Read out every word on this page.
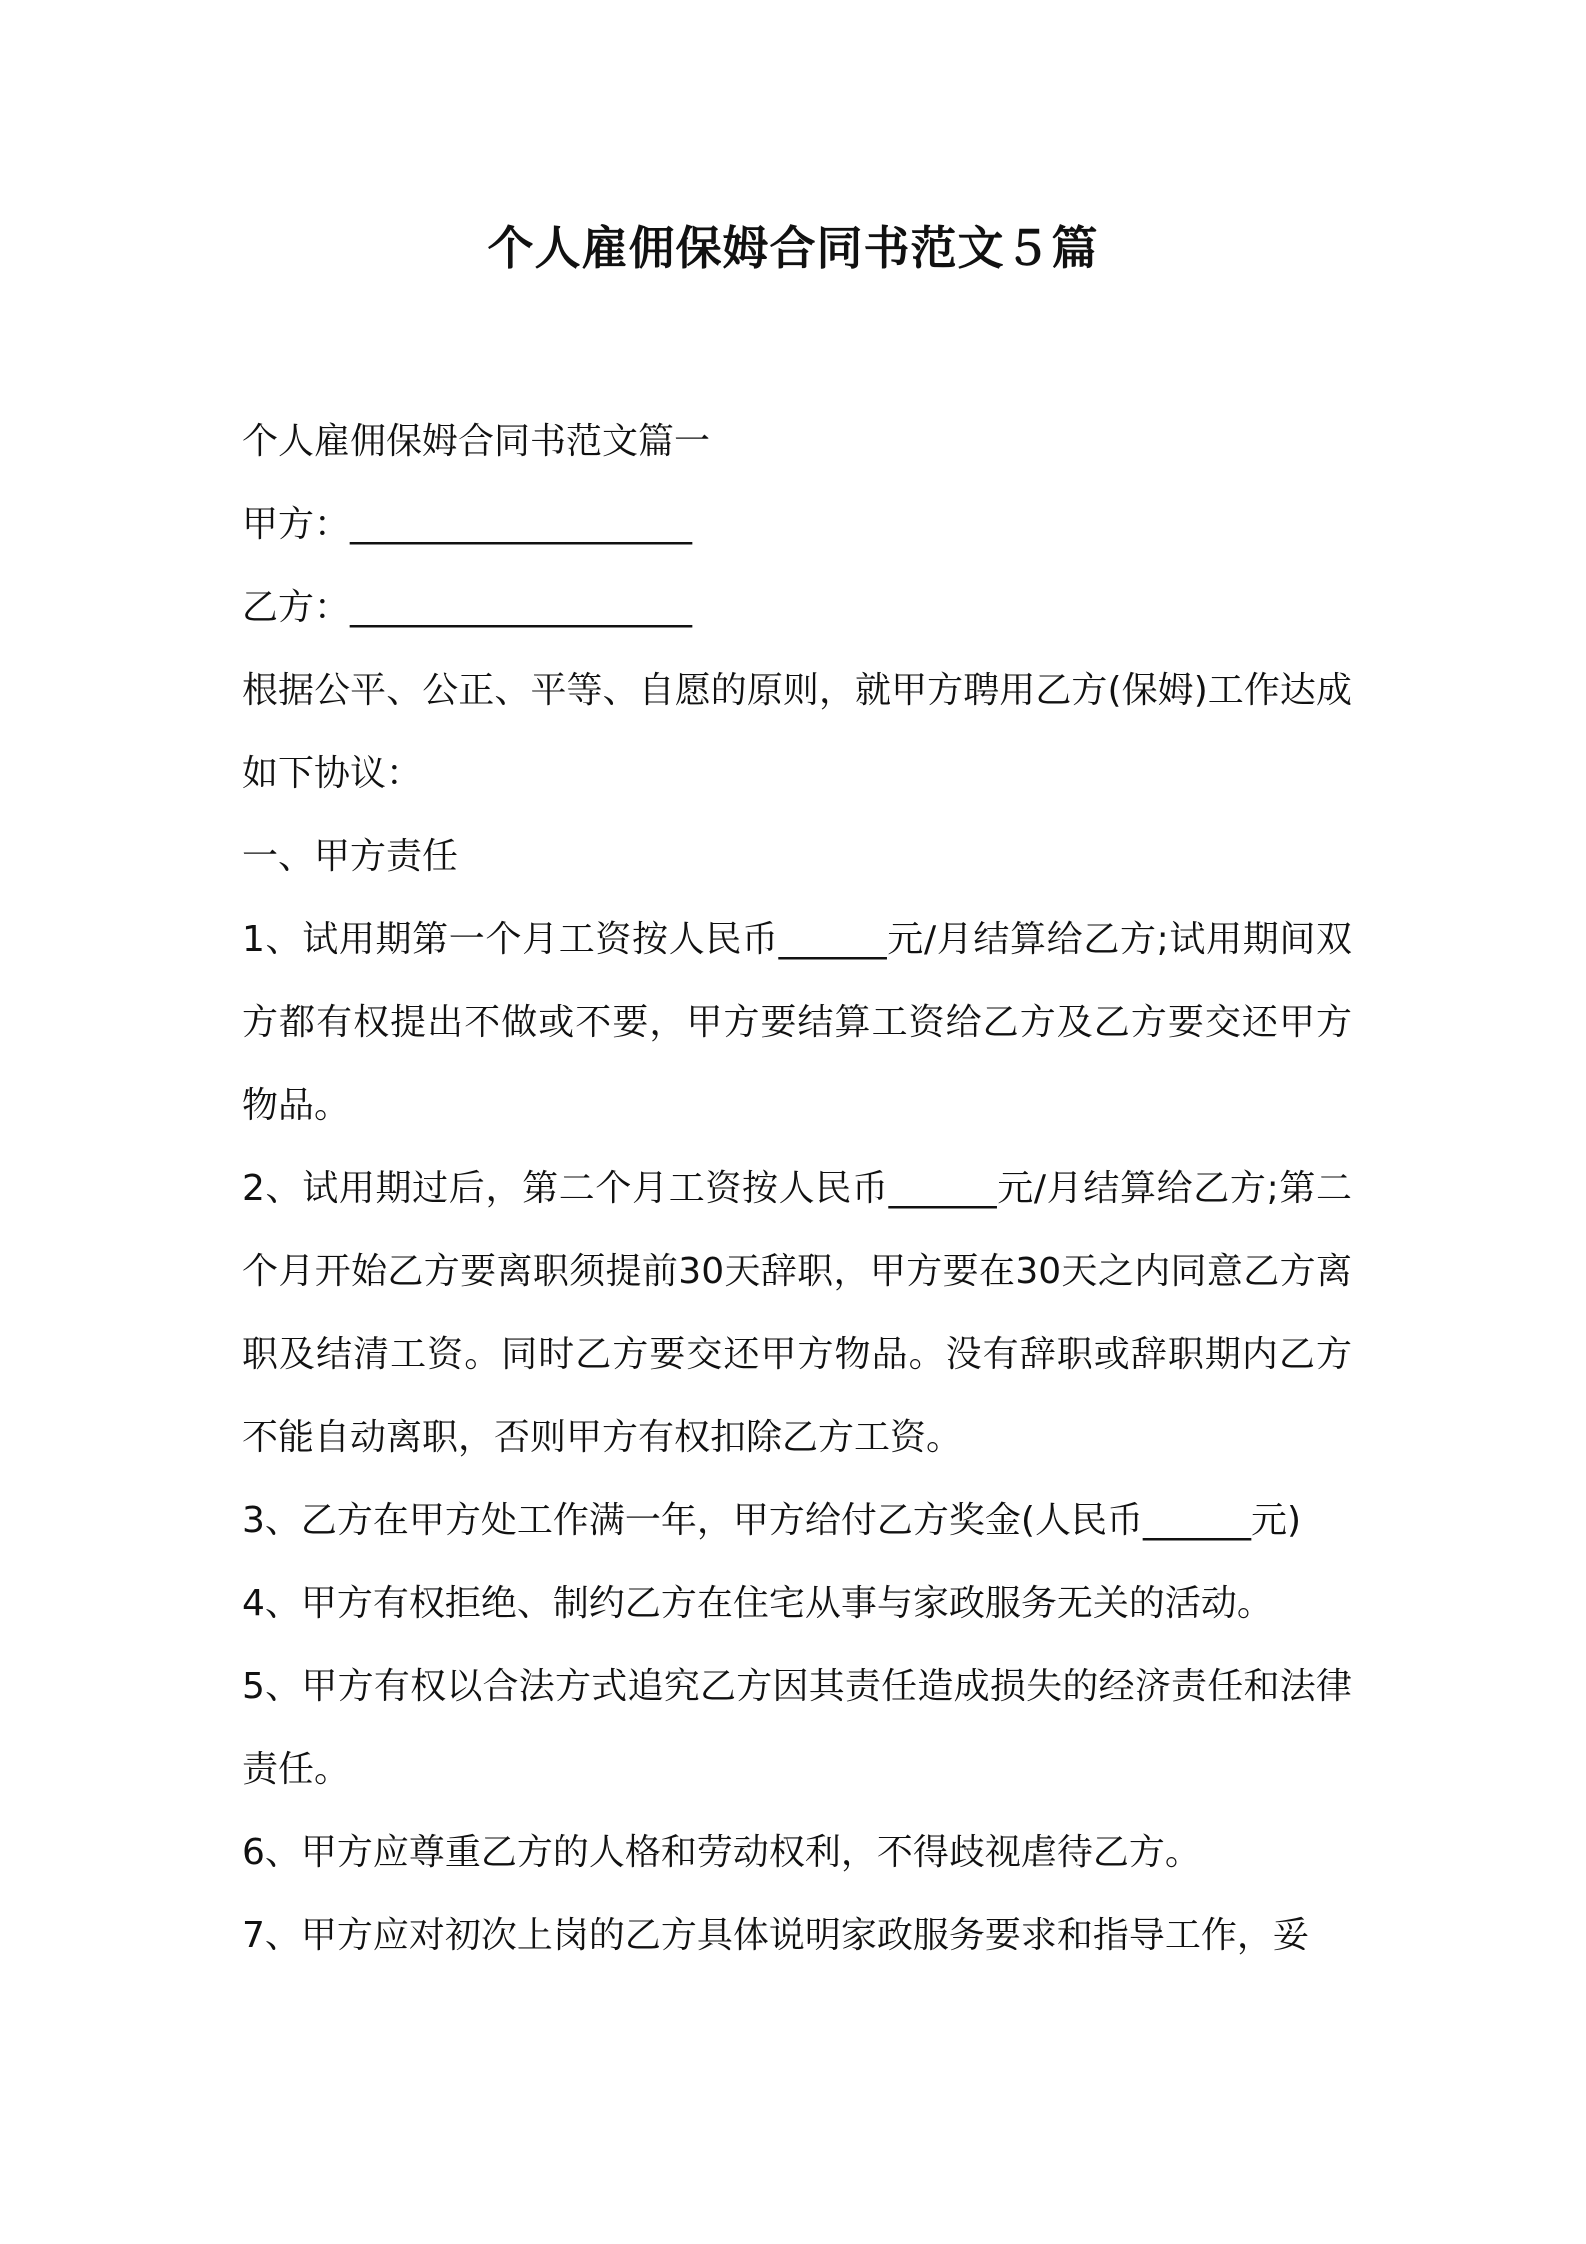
个人雇佣保姆合同书范文５篇

个人雇佣保姆合同书范文篇一

甲方：___________________

乙方：___________________

根据公平、公正、平等、自愿的原则，就甲方聘用乙方(保姆)工作达成如下协议：

一、甲方责任

1、试用期第一个月工资按人民币______元/月结算给乙方;试用期间双方都有权提出不做或不要，甲方要结算工资给乙方及乙方要交还甲方物品。

2、试用期过后，第二个月工资按人民币______元/月结算给乙方;第二个月开始乙方要离职须提前30天辞职，甲方要在30天之内同意乙方离职及结清工资。同时乙方要交还甲方物品。没有辞职或辞职期内乙方不能自动离职，否则甲方有权扣除乙方工资。

3、乙方在甲方处工作满一年，甲方给付乙方奖金(人民币______元)

4、甲方有权拒绝、制约乙方在住宅从事与家政服务无关的活动。

5、甲方有权以合法方式追究乙方因其责任造成损失的经济责任和法律责任。

6、甲方应尊重乙方的人格和劳动权利，不得歧视虐待乙方。

7、甲方应对初次上岗的乙方具体说明家政服务要求和指导工作，妥
